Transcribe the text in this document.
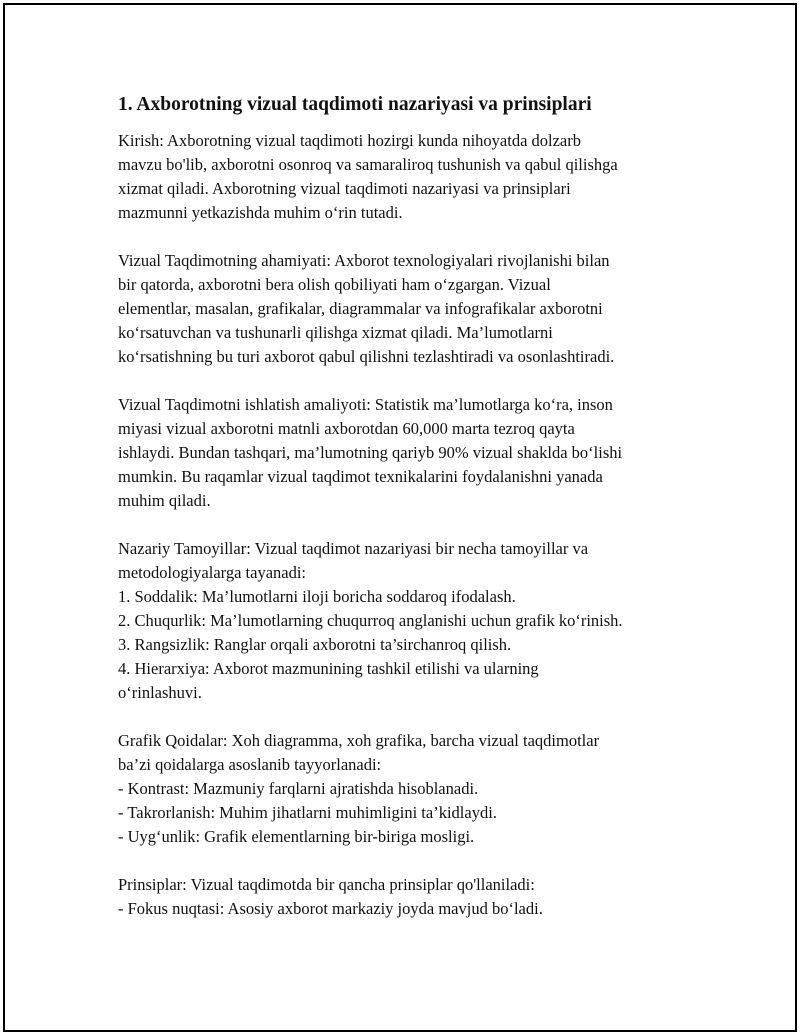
1. Axborotning vizual taqdimoti nazariyasi va prinsiplari

Kirish: Axborotning vizual taqdimoti hozirgi kunda nihoyatda dolzarb
mavzu bo'lib, axborotni osonroq va samaraliroq tushunish va qabul qilishga
xizmat qiladi. Axborotning vizual taqdimoti nazariyasi va prinsiplari
mazmunni yetkazishda muhim o‘rin tutadi.

Vizual Taqdimotning ahamiyati: Axborot texnologiyalari rivojlanishi bilan
bir qatorda, axborotni bera olish qobiliyati ham o‘zgargan. Vizual
elementlar, masalan, grafikalar, diagrammalar va infografikalar axborotni
ko‘rsatuvchan va tushunarli qilishga xizmat qiladi. Ma’lumotlarni
ko‘rsatishning bu turi axborot qabul qilishni tezlashtiradi va osonlashtiradi.

Vizual Taqdimotni ishlatish amaliyoti: Statistik ma’lumotlarga ko‘ra, inson
miyasi vizual axborotni matnli axborotdan 60,000 marta tezroq qayta
ishlaydi. Bundan tashqari, ma’lumotning qariyb 90% vizual shaklda bo‘lishi
mumkin. Bu raqamlar vizual taqdimot texnikalarini foydalanishni yanada
muhim qiladi.

Nazariy Tamoyillar: Vizual taqdimot nazariyasi bir necha tamoyillar va
metodologiyalarga tayanadi:
1. Soddalik: Ma’lumotlarni iloji boricha soddaroq ifodalash.
2. Chuqurlik: Ma’lumotlarning chuqurroq anglanishi uchun grafik ko‘rinish.
3. Rangsizlik: Ranglar orqali axborotni ta’sirchanroq qilish.
4. Hierarxiya: Axborot mazmunining tashkil etilishi va ularning
o‘rinlashuvi.

Grafik Qoidalar: Xoh diagramma, xoh grafika, barcha vizual taqdimotlar
ba’zi qoidalarga asoslanib tayyorlanadi:
- Kontrast: Mazmuniy farqlarni ajratishda hisoblanadi.
- Takrorlanish: Muhim jihatlarni muhimligini ta’kidlaydi.
- Uyg‘unlik: Grafik elementlarning bir-biriga mosligi.

Prinsiplar: Vizual taqdimotda bir qancha prinsiplar qo'llaniladi:
- Fokus nuqtasi: Asosiy axborot markaziy joyda mavjud bo‘ladi.
